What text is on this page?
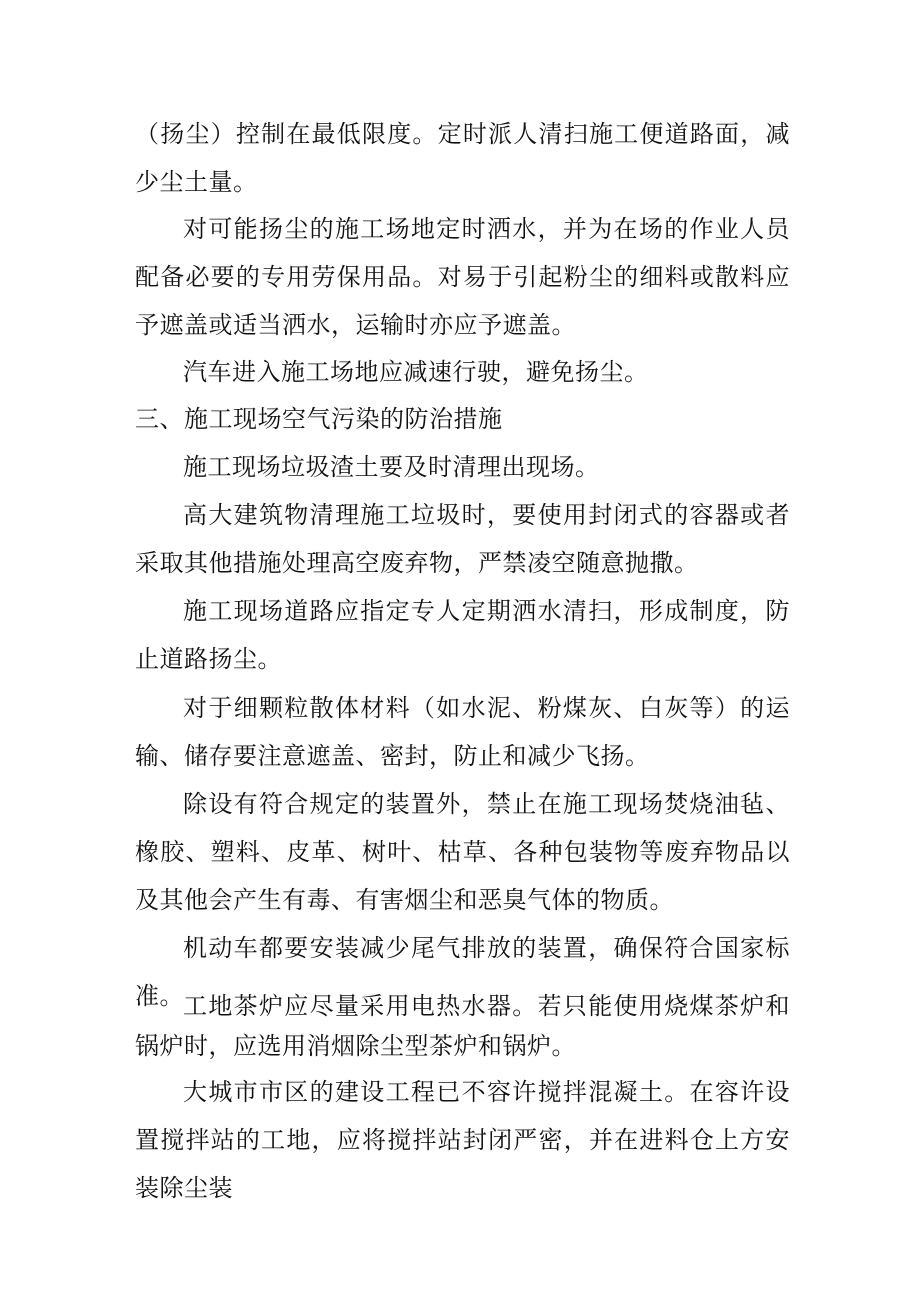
（扬尘）控制在最低限度。定时派人清扫施工便道路面，减少尘土量。

对可能扬尘的施工场地定时洒水，并为在场的作业人员配备必要的专用劳保用品。对易于引起粉尘的细料或散料应予遮盖或适当洒水，运输时亦应予遮盖。

汽车进入施工场地应减速行驶，避免扬尘。

三、施工现场空气污染的防治措施

施工现场垃圾渣土要及时清理出现场。

高大建筑物清理施工垃圾时，要使用封闭式的容器或者采取其他措施处理高空废弃物，严禁凌空随意抛撒。

施工现场道路应指定专人定期洒水清扫，形成制度，防止道路扬尘。

对于细颗粒散体材料（如水泥、粉煤灰、白灰等）的运输、储存要注意遮盖、密封，防止和减少飞扬。

除设有符合规定的装置外，禁止在施工现场焚烧油毡、橡胶、塑料、皮革、树叶、枯草、各种包装物等废弃物品以及其他会产生有毒、有害烟尘和恶臭气体的物质。

机动车都要安装减少尾气排放的装置，确保符合国家标准。 工地茶炉应尽量采用电热水器。若只能使用烧煤茶炉和锅炉时，应选用消烟除尘型茶炉和锅炉。

大城市市区的建设工程已不容许搅拌混凝土。在容许设置搅拌站的工地，应将搅拌站封闭严密，并在进料仓上方安装除尘装
